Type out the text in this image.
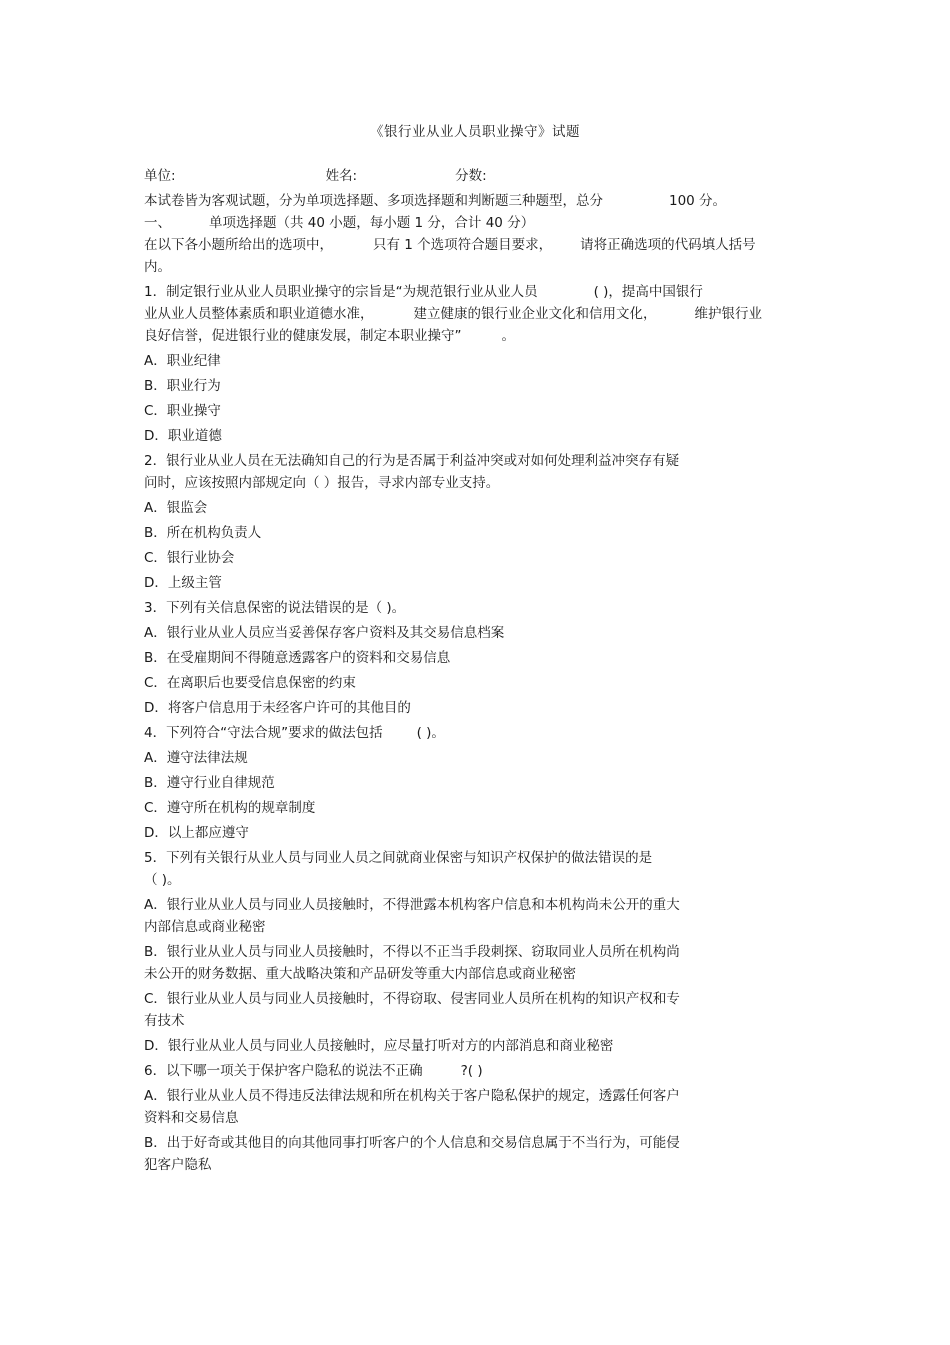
《银行业从业人员职业操守》试题
单位:	姓名:	分数:
本试卷皆为客观试题，分为单项选择题、多项选择题和判断题三种题型，总分	100 分。
一、	单项选择题（共 40 小题，每小题 1 分，合计 40 分）
在以下各小题所给出的选项中，	只有 1 个选项符合题目要求， 请将正确选项的代码填人括号
内。
1．制定银行业从业人员职业操守的宗旨是“为规范银行业从业人员	( )，提高中国银行
业从业人员整体素质和职业道德水准，	建立健康的银行业企业文化和信用文化，	维护银行业
良好信誉，促进银行业的健康发展，制定本职业操守”	。
A．职业纪律
B．职业行为
C．职业操守
D．职业道德
2．银行业从业人员在无法确知自己的行为是否属于利益冲突或对如何处理利益冲突存有疑
问时，应该按照内部规定向（ ）报告，寻求内部专业支持。
A．银监会
B．所在机构负责人
C．银行业协会
D．上级主管
3．下列有关信息保密的说法错误的是（ )。
A．银行业从业人员应当妥善保存客户资料及其交易信息档案
B．在受雇期间不得随意透露客户的资料和交易信息
C．在离职后也要受信息保密的约束
D．将客户信息用于未经客户许可的其他目的
4．下列符合“守法合规”要求的做法包括	( )。
A．遵守法律法规
B．遵守行业自律规范
C．遵守所在机构的规章制度
D．以上都应遵守
5．下列有关银行从业人员与同业人员之间就商业保密与知识产权保护的做法错误的是
（ )。
A．银行业从业人员与同业人员接触时，不得泄露本机构客户信息和本机构尚未公开的重大
内部信息或商业秘密
B．银行业从业人员与同业人员接触时，不得以不正当手段刺探、窃取同业人员所在机构尚
未公开的财务数据、重大战略决策和产品研发等重大内部信息或商业秘密
C．银行业从业人员与同业人员接触时，不得窃取、侵害同业人员所在机构的知识产权和专
有技术
D．银行业从业人员与同业人员接触时，应尽量打听对方的内部消息和商业秘密
6．以下哪一项关于保护客户隐私的说法不正确	?( )
A．银行业从业人员不得违反法律法规和所在机构关于客户隐私保护的规定，透露任何客户
资料和交易信息
B．出于好奇或其他目的向其他同事打听客户的个人信息和交易信息属于不当行为，可能侵
犯客户隐私
